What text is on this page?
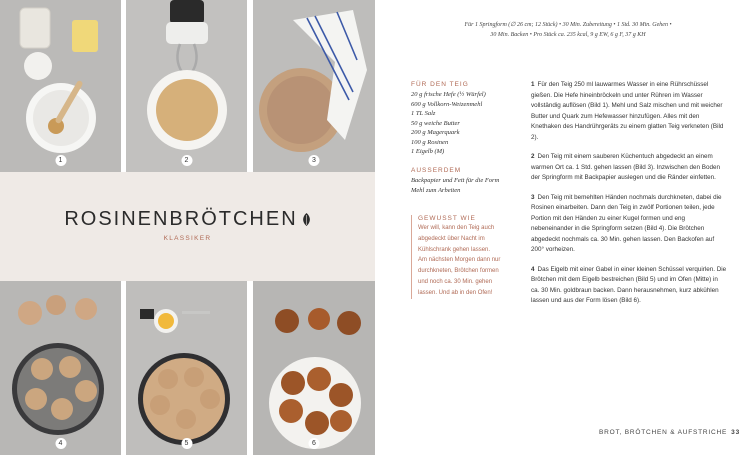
1	2	3
ROSINENBRÖTCHEN
KLASSIKER
4	5	6
Für 1 Springform (∅ 26 cm; 12 Stück) • 30 Min. Zubereitung • 1 Std. 30 Min. Gehen •
30 Min. Backen • Pro Stück ca. 235 kcal, 9 g EW, 6 g F, 37 g KH
FÜR DEN TEIG
20 g frische Hefe (½ Würfel)
600 g Vollkorn-Weizenmehl
1 TL Salz
50 g weiche Butter
200 g Magerquark
100 g Rosinen
1 Eigelb (M)
AUSSERDEM
Backpapier und Fett für die Form
Mehl zum Arbeiten
GEWUSST WIE
Wer will, kann den Teig auch
abgedeckt über Nacht im
Kühlschrank gehen lassen.
Am nächsten Morgen dann nur
durchkneten, Brötchen formen
und noch ca. 30 Min. gehen
lassen. Und ab in den Ofen!
1 Für den Teig 250 ml lauwarmes Wasser in eine Rührschüssel gießen. Die Hefe hineinbröckeln und unter Rühren im Wasser vollständig auflösen (Bild 1). Mehl und Salz mischen und mit weicher Butter und Quark zum Hefewasser hinzufügen. Alles mit den Knethaken des Handrührgeräts zu einem glatten Teig verkneten (Bild 2).
2 Den Teig mit einem sauberen Küchentuch abgedeckt an einem warmen Ort ca. 1 Std. gehen lassen (Bild 3). Inzwischen den Boden der Springform mit Backpapier auslegen und die Ränder einfetten.
3 Den Teig mit bemehlten Händen nochmals durchkneten, dabei die Rosinen einarbeiten. Dann den Teig in zwölf Portionen teilen, jede Portion mit den Händen zu einer Kugel formen und eng nebeneinander in die Springform setzen (Bild 4). Die Brötchen abgedeckt nochmals ca. 30 Min. gehen lassen. Den Backofen auf 200° vorheizen.
4 Das Eigelb mit einer Gabel in einer kleinen Schüssel verquirlen. Die Brötchen mit dem Eigelb bestreichen (Bild 5) und im Ofen (Mitte) in ca. 30 Min. goldbraun backen. Dann herausnehmen, kurz abkühlen lassen und aus der Form lösen (Bild 6).
BROT, BRÖTCHEN & AUFSTRICHE 33
